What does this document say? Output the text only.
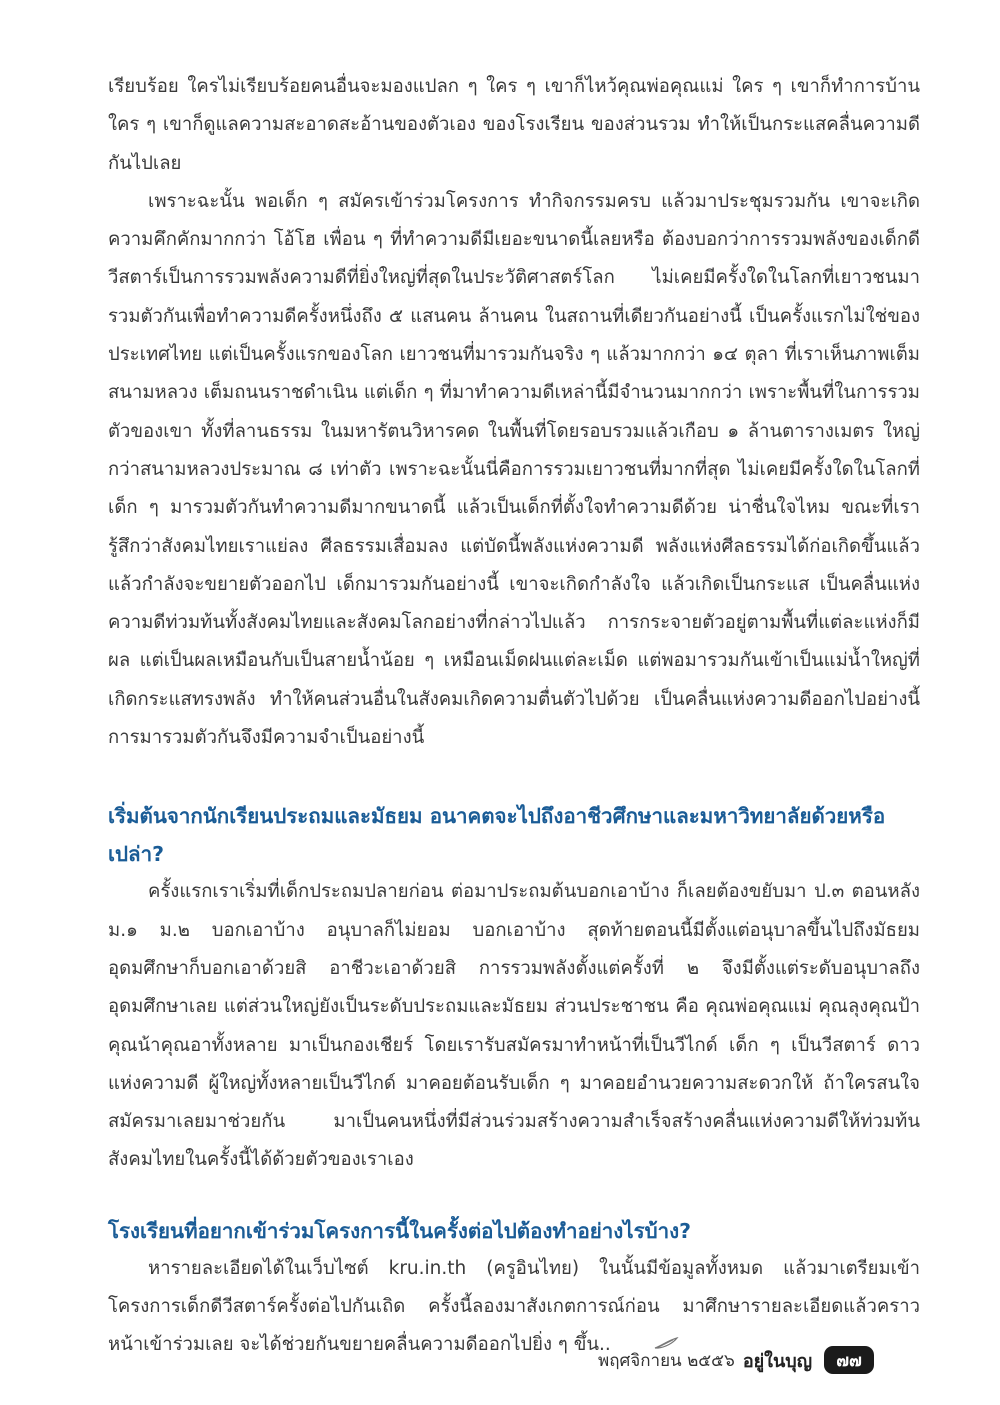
เรียบร้อย ใครไม่เรียบร้อยคนอื่นจะมองแปลก ๆ ใคร ๆ เขาก็ไหว้คุณพ่อคุณแม่ ใคร ๆ เขาก็ทำการบ้าน ใคร ๆ เขาก็ดูแลความสะอาดสะอ้านของตัวเอง ของโรงเรียน ของส่วนรวม ทำให้เป็นกระแสคลื่นความดีกันไปเลย

เพราะฉะนั้น พอเด็ก ๆ สมัครเข้าร่วมโครงการ ทำกิจกรรมครบ แล้วมาประชุมรวมกัน เขาจะเกิดความคึกคักมากกว่า โอ้โฮ เพื่อน ๆ ที่ทำความดีมีเยอะขนาดนี้เลยหรือ ต้องบอกว่าการรวมพลังของเด็กดีวีสตาร์เป็นการรวมพลังความดีที่ยิ่งใหญ่ที่สุดในประวัติศาสตร์โลก ไม่เคยมีครั้งใดในโลกที่เยาวชนมารวมตัวกันเพื่อทำความดีครั้งหนึ่งถึง ๕ แสนคน ล้านคน ในสถานที่เดียวกันอย่างนี้ เป็นครั้งแรกไม่ใช่ของประเทศไทย แต่เป็นครั้งแรกของโลก เยาวชนที่มารวมกันจริง ๆ แล้วมากกว่า ๑๔ ตุลา ที่เราเห็นภาพเต็มสนามหลวง เต็มถนนราชดำเนิน แต่เด็ก ๆ ที่มาทำความดีเหล่านี้มีจำนวนมากกว่า เพราะพื้นที่ในการรวมตัวของเขา ทั้งที่ลานธรรม ในมหารัตนวิหารคด ในพื้นที่โดยรอบรวมแล้วเกือบ ๑ ล้านตารางเมตร ใหญ่กว่าสนามหลวงประมาณ ๘ เท่าตัว เพราะฉะนั้นนี่คือการรวมเยาวชนที่มากที่สุด ไม่เคยมีครั้งใดในโลกที่เด็ก ๆ มารวมตัวกันทำความดีมากขนาดนี้ แล้วเป็นเด็กที่ตั้งใจทำความดีด้วย น่าชื่นใจไหม ขณะที่เรารู้สึกว่าสังคมไทยเราแย่ลง ศีลธรรมเสื่อมลง แต่บัดนี้พลังแห่งความดี พลังแห่งศีลธรรมได้ก่อเกิดขึ้นแล้ว แล้วกำลังจะขยายตัวออกไป เด็กมารวมกันอย่างนี้ เขาจะเกิดกำลังใจ แล้วเกิดเป็นกระแส เป็นคลื่นแห่งความดีท่วมท้นทั้งสังคมไทยและสังคมโลกอย่างที่กล่าวไปแล้ว การกระจายตัวอยู่ตามพื้นที่แต่ละแห่งก็มีผล แต่เป็นผลเหมือนกับเป็นสายน้ำน้อย ๆ เหมือนเม็ดฝนแต่ละเม็ด แต่พอมารวมกันเข้าเป็นแม่น้ำใหญ่ที่เกิดกระแสทรงพลัง ทำให้คนส่วนอื่นในสังคมเกิดความตื่นตัวไปด้วย เป็นคลื่นแห่งความดีออกไปอย่างนี้ การมารวมตัวกันจึงมีความจำเป็นอย่างนี้

เริ่มต้นจากนักเรียนประถมและมัธยม อนาคตจะไปถึงอาชีวศึกษาและมหาวิทยาลัยด้วยหรือเปล่า?

ครั้งแรกเราเริ่มที่เด็กประถมปลายก่อน ต่อมาประถมต้นบอกเอาบ้าง ก็เลยต้องขยับมา ป.๓ ตอนหลัง ม.๑ ม.๒ บอกเอาบ้าง อนุบาลก็ไม่ยอม บอกเอาบ้าง สุดท้ายตอนนี้มีตั้งแต่อนุบาลขึ้นไปถึงมัธยม อุดมศึกษาก็บอกเอาด้วยสิ อาชีวะเอาด้วยสิ การรวมพลังตั้งแต่ครั้งที่ ๒ จึงมีตั้งแต่ระดับอนุบาลถึงอุดมศึกษาเลย แต่ส่วนใหญ่ยังเป็นระดับประถมและมัธยม ส่วนประชาชน คือ คุณพ่อคุณแม่ คุณลุงคุณป้า คุณน้าคุณอาทั้งหลาย มาเป็นกองเชียร์ โดยเรารับสมัครมาทำหน้าที่เป็นวีไกด์ เด็ก ๆ เป็นวีสตาร์ ดาวแห่งความดี ผู้ใหญ่ทั้งหลายเป็นวีไกด์ มาคอยต้อนรับเด็ก ๆ มาคอยอำนวยความสะดวกให้ ถ้าใครสนใจสมัครมาเลยมาช่วยกัน มาเป็นคนหนึ่งที่มีส่วนร่วมสร้างความสำเร็จสร้างคลื่นแห่งความดีให้ท่วมท้นสังคมไทยในครั้งนี้ได้ด้วยตัวของเราเอง

โรงเรียนที่อยากเข้าร่วมโครงการนี้ในครั้งต่อไปต้องทำอย่างไรบ้าง?

หารายละเอียดได้ในเว็บไซต์ kru.in.th (ครูอินไทย) ในนั้นมีข้อมูลทั้งหมด แล้วมาเตรียมเข้าโครงการเด็กดีวีสตาร์ครั้งต่อไปกันเถิด ครั้งนี้ลองมาสังเกตการณ์ก่อน มาศึกษารายละเอียดแล้วคราวหน้าเข้าร่วมเลย จะได้ช่วยกันขยายคลื่นความดีออกไปยิ่ง ๆ ขึ้น..

พฤศจิกายน ๒๕๕๖ อยู่ในบุญ	๗๗
